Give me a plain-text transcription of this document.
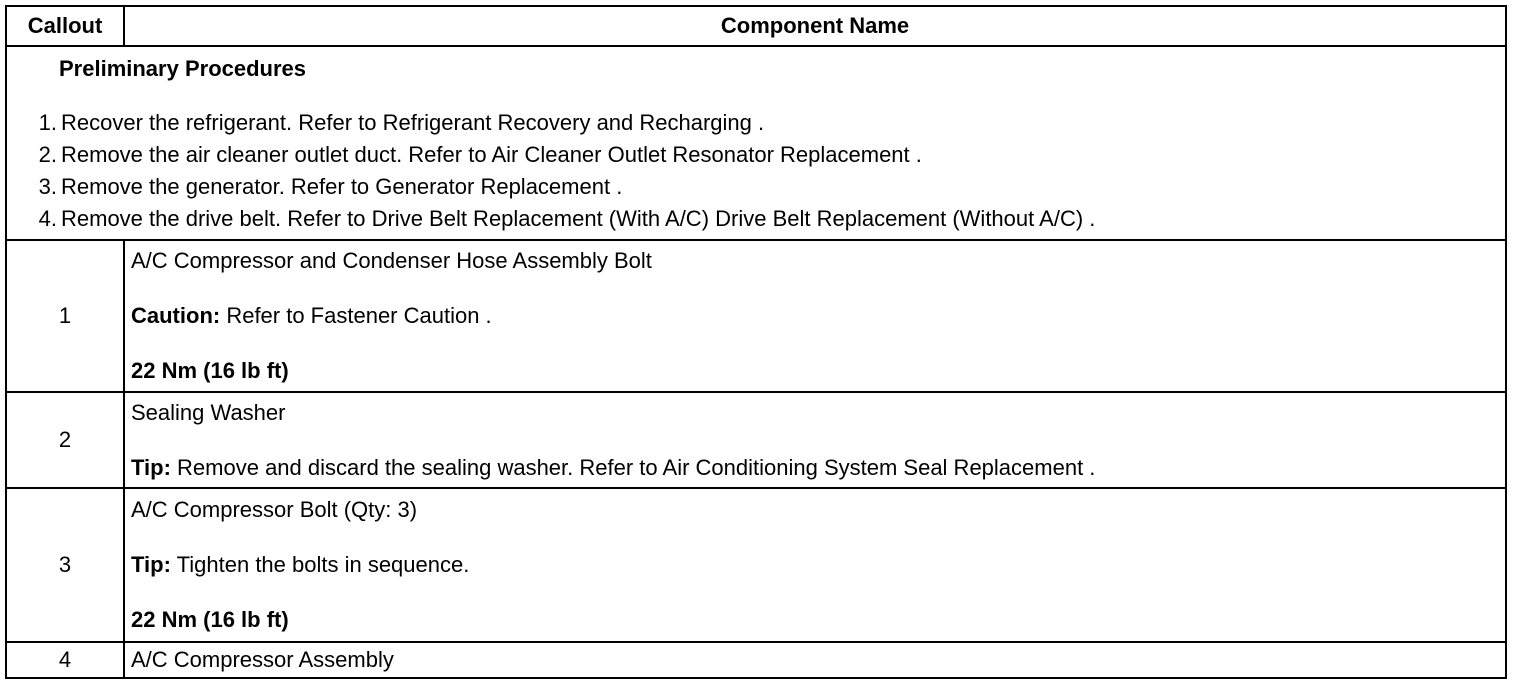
Callout	Component Name

Preliminary Procedures
1. Recover the refrigerant. Refer to Refrigerant Recovery and Recharging .
2. Remove the air cleaner outlet duct. Refer to Air Cleaner Outlet Resonator Replacement .
3. Remove the generator. Refer to Generator Replacement .
4. Remove the drive belt. Refer to Drive Belt Replacement (With A/C) Drive Belt Replacement (Without A/C) .	

1	A/C Compressor and Condenser Hose Assembly Bolt
Caution: Refer to Fastener Caution .
22 Nm (16 lb ft)

2	Sealing Washer
Tip: Remove and discard the sealing washer. Refer to Air Conditioning System Seal Replacement .

3	A/C Compressor Bolt (Qty: 3)
Tip: Tighten the bolts in sequence.
22 Nm (16 lb ft)

4	A/C Compressor Assembly
